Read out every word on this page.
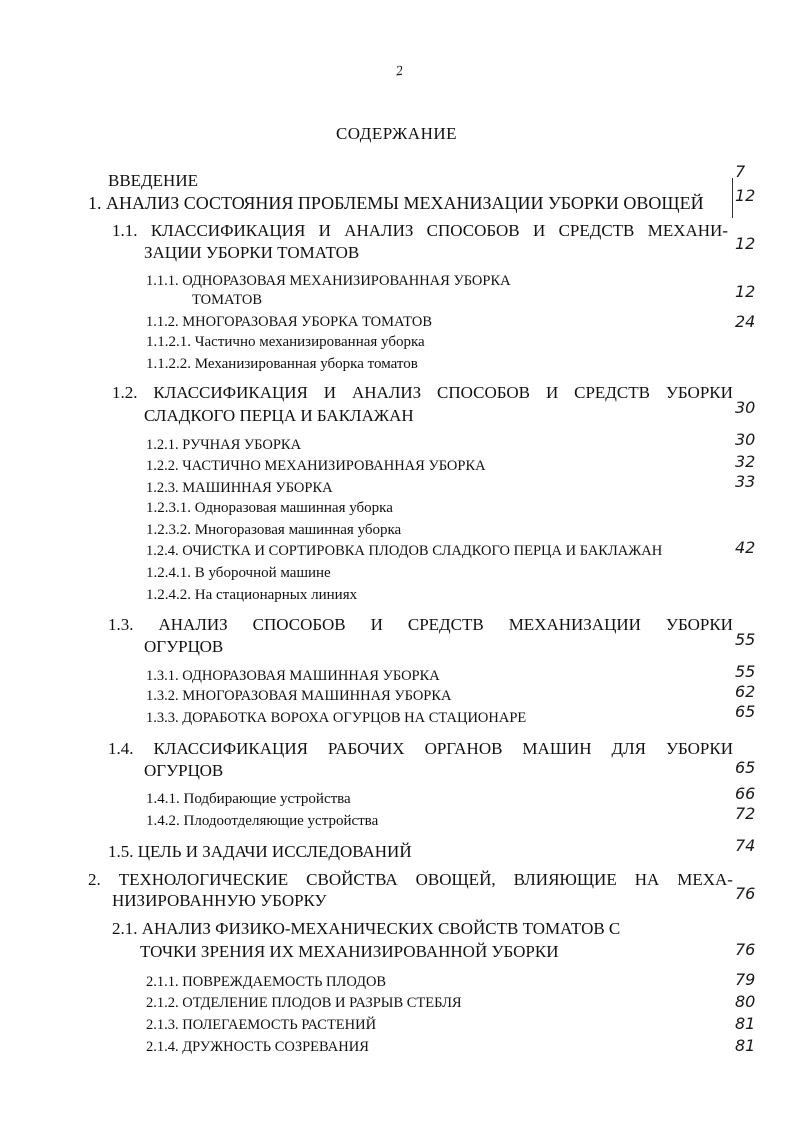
2
СОДЕРЖАНИЕ
ВВЕДЕНИЕ	7
1. АНАЛИЗ СОСТОЯНИЯ ПРОБЛЕМЫ МЕХАНИЗАЦИИ УБОРКИ ОВОЩЕЙ 12
1.1. КЛАССИФИКАЦИЯ И АНАЛИЗ СПОСОБОВ И СРЕДСТВ МЕХАНИ-
ЗАЦИИ УБОРКИ ТОМАТОВ	12
1.1.1. ОДНОРАЗОВАЯ МЕХАНИЗИРОВАННАЯ УБОРКА
ТОМАТОВ	12
1.1.2. МНОГОРАЗОВАЯ УБОРКА ТОМАТОВ	24
1.1.2.1. Частично механизированная уборка
1.1.2.2. Механизированная уборка томатов
1.2. КЛАССИФИКАЦИЯ И АНАЛИЗ СПОСОБОВ И СРЕДСТВ УБОРКИ
СЛАДКОГО ПЕРЦА И БАКЛАЖАН	30
1.2.1. РУЧНАЯ УБОРКА	30
1.2.2. ЧАСТИЧНО МЕХАНИЗИРОВАННАЯ УБОРКА	32
1.2.3. МАШИННАЯ УБОРКА	33
1.2.3.1. Одноразовая машинная уборка
1.2.3.2. Многоразовая машинная уборка
1.2.4. ОЧИСТКА И СОРТИРОВКА ПЛОДОВ СЛАДКОГО ПЕРЦА И БАКЛАЖАН	42
1.2.4.1. В уборочной машине
1.2.4.2. На стационарных линиях
1.3. АНАЛИЗ СПОСОБОВ И СРЕДСТВ МЕХАНИЗАЦИИ УБОРКИ
ОГУРЦОВ	55
1.3.1. ОДНОРАЗОВАЯ МАШИННАЯ УБОРКА	55
1.3.2. МНОГОРАЗОВАЯ МАШИННАЯ УБОРКА	62
1.3.3. ДОРАБОТКА ВОРОХА ОГУРЦОВ НА СТАЦИОНАРЕ	65
1.4. КЛАССИФИКАЦИЯ РАБОЧИХ ОРГАНОВ МАШИН ДЛЯ УБОРКИ
ОГУРЦОВ	65
1.4.1. Подбирающие устройства	66
1.4.2. Плодоотделяющие устройства	72
1.5. ЦЕЛЬ И ЗАДАЧИ ИССЛЕДОВАНИЙ	74
2. ТЕХНОЛОГИЧЕСКИЕ СВОЙСТВА ОВОЩЕЙ, ВЛИЯЮЩИЕ НА МЕХА-
НИЗИРОВАННУЮ УБОРКУ	76
2.1. АНАЛИЗ ФИЗИКО-МЕХАНИЧЕСКИХ СВОЙСТВ ТОМАТОВ С
ТОЧКИ ЗРЕНИЯ ИХ МЕХАНИЗИРОВАННОЙ УБОРКИ	76
2.1.1. ПОВРЕЖДАЕМОСТЬ ПЛОДОВ	79
2.1.2. ОТДЕЛЕНИЕ ПЛОДОВ И РАЗРЫВ СТЕБЛЯ	80
2.1.3. ПОЛЕГАЕМОСТЬ РАСТЕНИЙ	81
2.1.4. ДРУЖНОСТЬ СОЗРЕВАНИЯ	81
